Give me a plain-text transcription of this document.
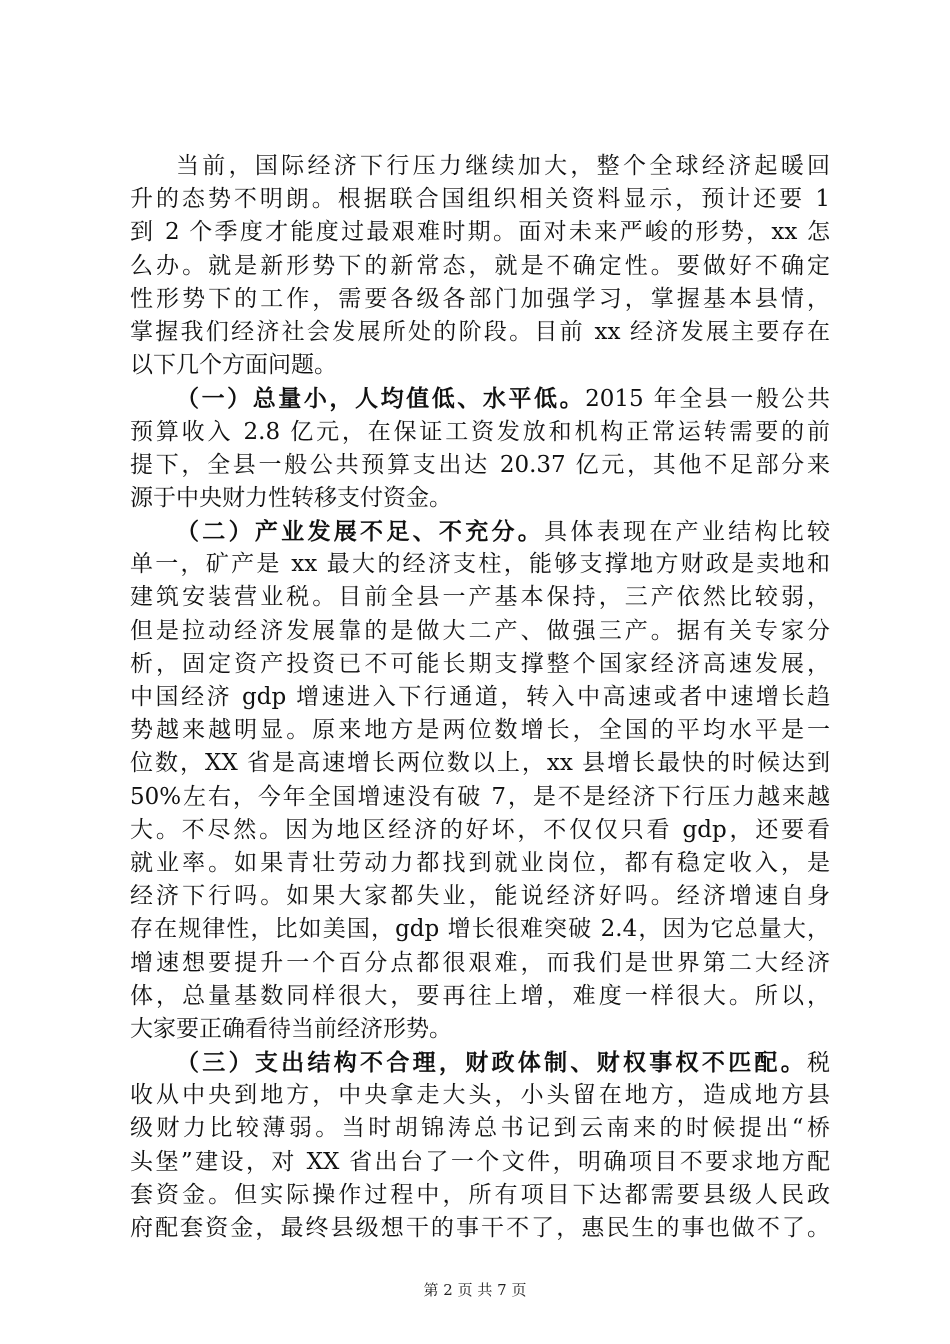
当前，国际经济下行压力继续加大，整个全球经济起暖回
升的态势不明朗。根据联合国组织相关资料显示，预计还要 1
到 2 个季度才能度过最艰难时期。面对未来严峻的形势，xx 怎
么办。就是新形势下的新常态，就是不确定性。要做好不确定
性形势下的工作，需要各级各部门加强学习，掌握基本县情，
掌握我们经济社会发展所处的阶段。目前 xx 经济发展主要存在
以下几个方面问题。
（一）总量小，人均值低、水平低。2015 年全县一般公共
预算收入 2.8 亿元，在保证工资发放和机构正常运转需要的前
提下，全县一般公共预算支出达 20.37 亿元，其他不足部分来
源于中央财力性转移支付资金。
（二）产业发展不足、不充分。具体表现在产业结构比较
单一，矿产是 xx 最大的经济支柱，能够支撑地方财政是卖地和
建筑安装营业税。目前全县一产基本保持，三产依然比较弱，
但是拉动经济发展靠的是做大二产、做强三产。据有关专家分
析，固定资产投资已不可能长期支撑整个国家经济高速发展，
中国经济 gdp 增速进入下行通道，转入中高速或者中速增长趋
势越来越明显。原来地方是两位数增长，全国的平均水平是一
位数，XX 省是高速增长两位数以上，xx 县增长最快的时候达到
50%左右，今年全国增速没有破 7，是不是经济下行压力越来越
大。不尽然。因为地区经济的好坏，不仅仅只看 gdp，还要看
就业率。如果青壮劳动力都找到就业岗位，都有稳定收入，是
经济下行吗。如果大家都失业，能说经济好吗。经济增速自身
存在规律性，比如美国，gdp 增长很难突破 2.4，因为它总量大，
增速想要提升一个百分点都很艰难，而我们是世界第二大经济
体，总量基数同样很大，要再往上增，难度一样很大。所以，
大家要正确看待当前经济形势。
（三）支出结构不合理，财政体制、财权事权不匹配。税
收从中央到地方，中央拿走大头，小头留在地方，造成地方县
级财力比较薄弱。当时胡锦涛总书记到云南来的时候提出“桥
头堡”建设，对 XX 省出台了一个文件，明确项目不要求地方配
套资金。但实际操作过程中，所有项目下达都需要县级人民政
府配套资金，最终县级想干的事干不了，惠民生的事也做不了。
第 2 页 共 7 页
